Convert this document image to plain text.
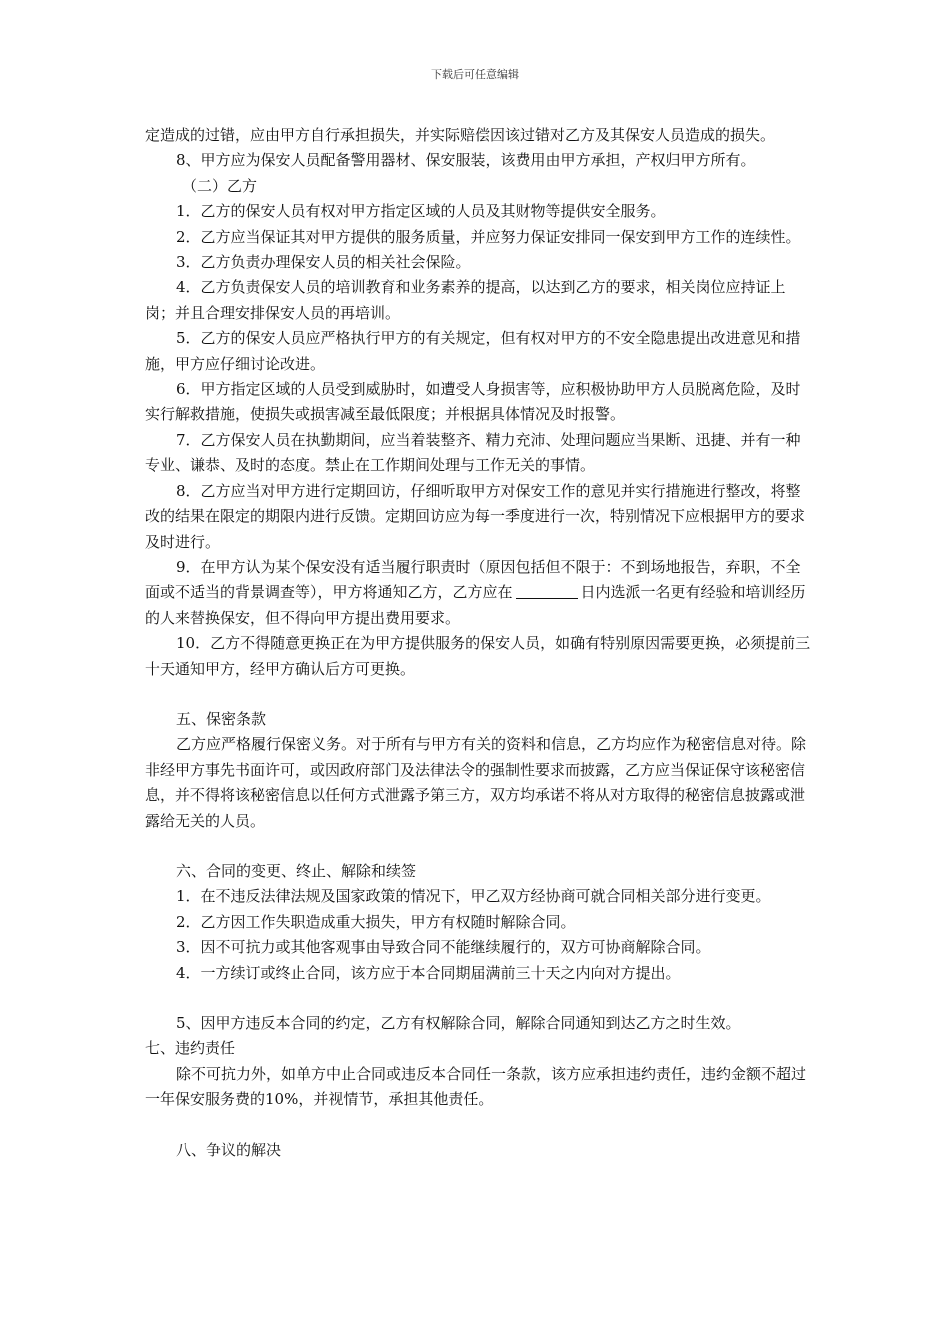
下载后可任意编辑

定造成的过错，应由甲方自行承担损失，并实际赔偿因该过错对乙方及其保安人员造成的损失。

8、甲方应为保安人员配备警用器材、保安服装，该费用由甲方承担，产权归甲方所有。

（二）乙方

1．乙方的保安人员有权对甲方指定区域的人员及其财物等提供安全服务。

2．乙方应当保证其对甲方提供的服务质量，并应努力保证安排同一保安到甲方工作的连续性。

3．乙方负责办理保安人员的相关社会保险。

4．乙方负责保安人员的培训教育和业务素养的提高，以达到乙方的要求，相关岗位应持证上岗；并且合理安排保安人员的再培训。

5．乙方的保安人员应严格执行甲方的有关规定，但有权对甲方的不安全隐患提出改进意见和措施，甲方应仔细讨论改进。

6．甲方指定区域的人员受到威胁时，如遭受人身损害等，应积极协助甲方人员脱离危险，及时实行解救措施，使损失或损害减至最低限度；并根据具体情况及时报警。

7．乙方保安人员在执勤期间，应当着装整齐、精力充沛、处理问题应当果断、迅捷、并有一种专业、谦恭、及时的态度。禁止在工作期间处理与工作无关的事情。

8．乙方应当对甲方进行定期回访，仔细听取甲方对保安工作的意见并实行措施进行整改，将整改的结果在限定的期限内进行反馈。定期回访应为每一季度进行一次，特别情况下应根据甲方的要求及时进行。

9．在甲方认为某个保安没有适当履行职责时（原因包括但不限于：不到场地报告，弃职，不全面或不适当的背景调查等），甲方将通知乙方，乙方应在	日内选派一名更有经验和培训经历的人来替换保安，但不得向甲方提出费用要求。

10．乙方不得随意更换正在为甲方提供服务的保安人员，如确有特别原因需要更换，必须提前三十天通知甲方，经甲方确认后方可更换。

五、保密条款

乙方应严格履行保密义务。对于所有与甲方有关的资料和信息，乙方均应作为秘密信息对待。除非经甲方事先书面许可，或因政府部门及法律法令的强制性要求而披露，乙方应当保证保守该秘密信息，并不得将该秘密信息以任何方式泄露予第三方，双方均承诺不将从对方取得的秘密信息披露或泄露给无关的人员。

六、合同的变更、终止、解除和续签

1．在不违反法律法规及国家政策的情况下，甲乙双方经协商可就合同相关部分进行变更。

2．乙方因工作失职造成重大损失，甲方有权随时解除合同。

3．因不可抗力或其他客观事由导致合同不能继续履行的，双方可协商解除合同。

4．一方续订或终止合同，该方应于本合同期届满前三十天之内向对方提出。

5、因甲方违反本合同的约定，乙方有权解除合同，解除合同通知到达乙方之时生效。

七、违约责任

除不可抗力外，如单方中止合同或违反本合同任一条款，该方应承担违约责任，违约金额不超过一年保安服务费的10%，并视情节，承担其他责任。

八、争议的解决
